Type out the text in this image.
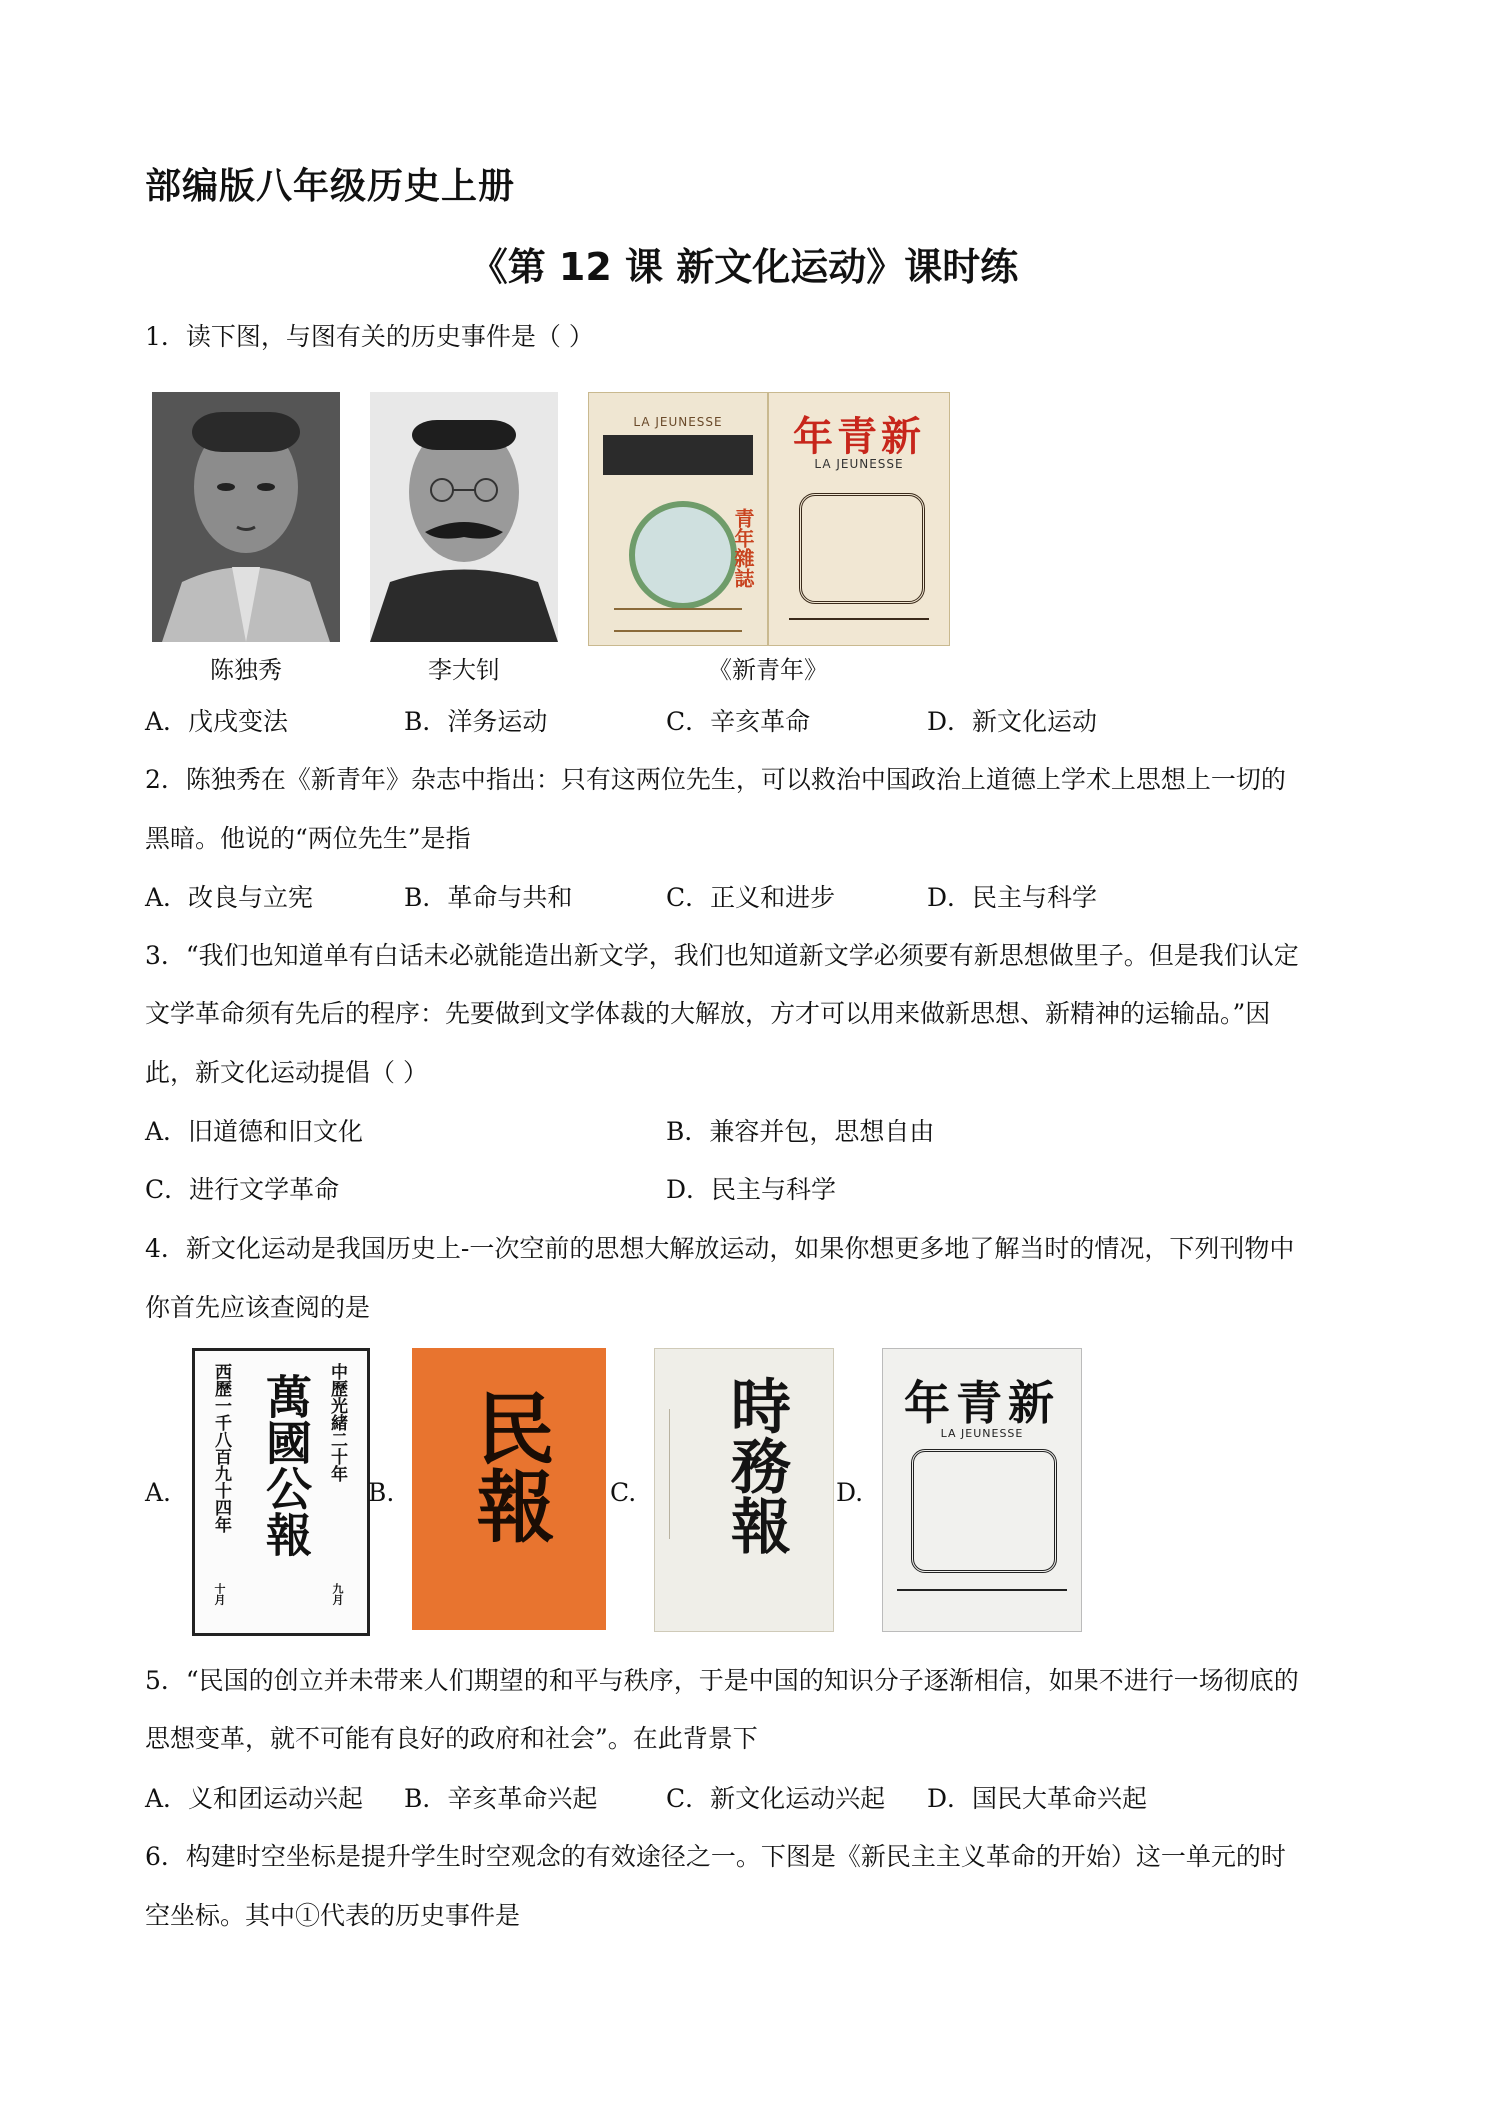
部编版八年级历史上册
《第 12 课 新文化运动》课时练
1．读下图，与图有关的历史事件是（ ）
陈独秀	李大钊
LA JEUNESSE
青年雜誌
年青新
LA JEUNESSE
《新青年》
A．戊戌变法	B．洋务运动	C．辛亥革命	D．新文化运动
2．陈独秀在《新青年》杂志中指出：只有这两位先生，可以救治中国政治上道德上学术上思想上一切的
黑暗。他说的“两位先生”是指
A．改良与立宪	B．革命与共和	C．正义和进步	D．民主与科学
3．“我们也知道单有白话未必就能造出新文学，我们也知道新文学必须要有新思想做里子。但是我们认定
文学革命须有先后的程序：先要做到文学体裁的大解放，方才可以用来做新思想、新精神的运输品。”因
此，新文化运动提倡（ ）
A．旧道德和旧文化	B．兼容并包，思想自由
C．进行文学革命	D．民主与科学
4．新文化运动是我国历史上-一次空前的思想大解放运动，如果你想更多地了解当时的情况，下列刊物中
你首先应该查阅的是
A. 萬國公報 中歷光緒二十年
西歷一千八百九十四年
九月
十月
B. 民報 C. 時務報	D.
年青新
LA JEUNESSE
5．“民国的创立并未带来人们期望的和平与秩序，于是中国的知识分子逐渐相信，如果不进行一场彻底的
思想变革，就不可能有良好的政府和社会”。在此背景下
A．义和团运动兴起 B．辛亥革命兴起	C．新文化运动兴起 D．国民大革命兴起
6．构建时空坐标是提升学生时空观念的有效途径之一。下图是《新民主主义革命的开始）这一单元的时
空坐标。其中①代表的历史事件是
